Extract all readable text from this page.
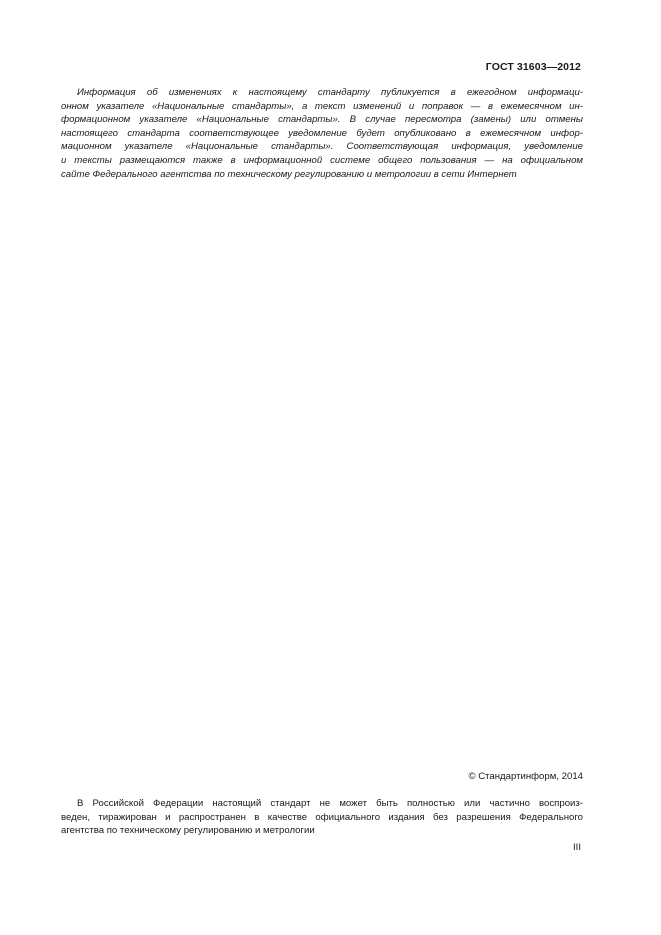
ГОСТ 31603—2012
Информация об изменениях к настоящему стандарту публикуется в ежегодном информаци-
онном указателе «Национальные стандарты», а текст изменений и поправок — в ежемесячном ин-
формационном указателе «Национальные стандарты». В случае пересмотра (замены) или отмены
настоящего стандарта соответствующее уведомление будет опубликовано в ежемесячном инфор-
мационном указателе «Национальные стандарты». Соответствующая информация, уведомление
и тексты размещаются также в информационной системе общего пользования — на официальном
сайте Федерального агентства по техническому регулированию и метрологии в сети Интернет
© Стандартинформ, 2014
В Российской Федерации настоящий стандарт не может быть полностью или частично воспроиз-
веден, тиражирован и распространен в качестве официального издания без разрешения Федерального
агентства по техническому регулированию и метрологии
III
